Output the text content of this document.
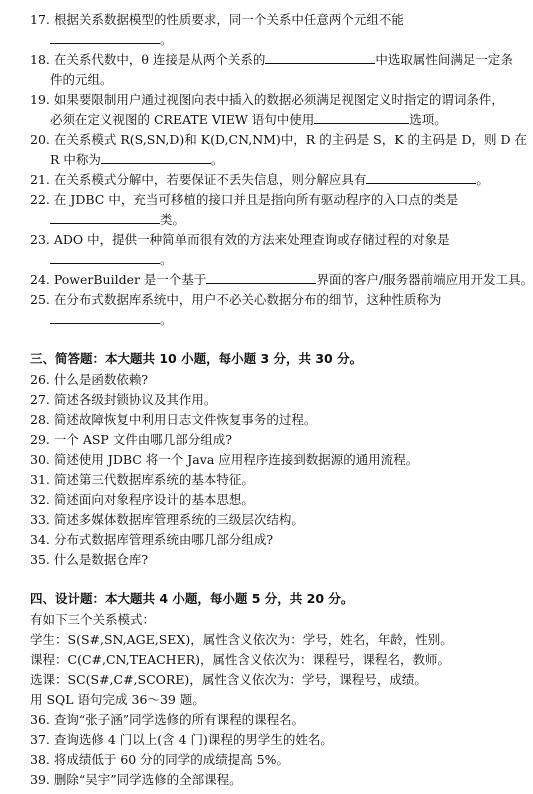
17. 根据关系数据模型的性质要求，同一个关系中任意两个元组不能
。
18. 在关系代数中，θ 连接是从两个关系的	中选取属性间满足一定条
件的元组。
19. 如果要限制用户通过视图向表中插入的数据必须满足视图定义时指定的谓词条件，
必须在定义视图的 CREATE VIEW 语句中使用	选项。
20. 在关系模式 R(S,SN,D)和 K(D,CN,NM)中，R 的主码是 S，K 的主码是 D，则 D 在
R 中称为	。
21. 在关系模式分解中，若要保证不丢失信息，则分解应具有	。
22. 在 JDBC 中，充当可移植的接口并且是指向所有驱动程序的入口点的类是
类。
23. ADO 中，提供一种简单而很有效的方法来处理查询或存储过程的对象是
。
24. PowerBuilder 是一个基于	界面的客户/服务器前端应用开发工具。
25. 在分布式数据库系统中，用户不必关心数据分布的细节，这种性质称为
。
三、简答题：本大题共 10 小题，每小题 3 分，共 30 分。
26. 什么是函数依赖?
27. 简述各级封锁协议及其作用。
28. 简述故障恢复中利用日志文件恢复事务的过程。
29. 一个 ASP 文件由哪几部分组成?
30. 简述使用 JDBC 将一个 Java 应用程序连接到数据源的通用流程。
31. 简述第三代数据库系统的基本特征。
32. 简述面向对象程序设计的基本思想。
33. 简述多媒体数据库管理系统的三级层次结构。
34. 分布式数据库管理系统由哪几部分组成?
35. 什么是数据仓库?
四、设计题：本大题共 4 小题，每小题 5 分，共 20 分。
有如下三个关系模式：
学生：S(S#,SN,AGE,SEX)，属性含义依次为：学号，姓名，年龄，性别。
课程：C(C#,CN,TEACHER)，属性含义依次为：课程号，课程名，教师。
选课：SC(S#,C#,SCORE)，属性含义依次为：学号，课程号，成绩。
用 SQL 语句完成 36～39 题。
36. 查询“张子涵”同学选修的所有课程的课程名。
37. 查询选修 4 门以上(含 4 门)课程的男学生的姓名。
38. 将成绩低于 60 分的同学的成绩提高 5%。
39. 删除“吴宇”同学选修的全部课程。
